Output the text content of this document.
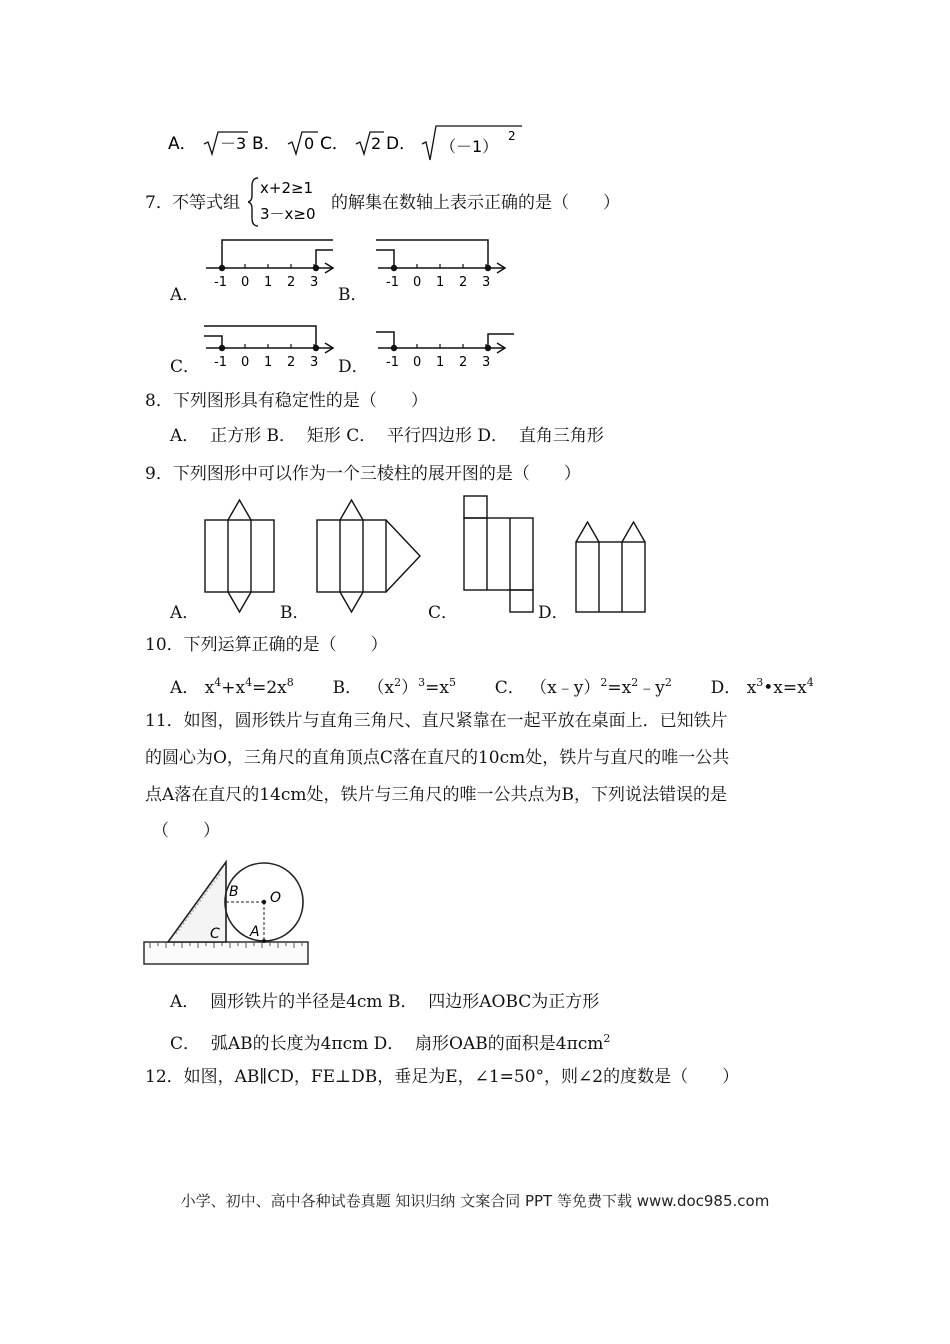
A． －3 B． 0 C． 2 D． （－1）
2
7． 不等式组
x+2≥1
3－x≥0
的解集在数轴上表示正确的是（　　）
A．
-1 0 1 2 3
B．
-1 0 1 2 3
C． -1 0 1 2 3 D． -1 0 1 2 3
8．下列图形具有稳定性的是（　　）
A．  正方形 B．  矩形 C．  平行四边形 D．  直角三角形
9．下列图形中可以作为一个三棱柱的展开图的是（　　）
A．	B．	C．	D．
10．下列运算正确的是（　　）
A． $x^4+x^4=2x^8$ B． $(x^2)^3=x^5$ C． $(x﹣y)^2=x^2﹣y^2$ D． $x^3•x=x^4$
11．如图，圆形铁片与直角三角尺、直尺紧靠在一起平放在桌面上．已知铁片
的圆心为O，三角尺的直角顶点C落在直尺的10cm处，铁片与直尺的唯一公共
点A落在直尺的14cm处，铁片与三角尺的唯一公共点为B，下列说法错误的是
（　　）
B O
C A
A．  圆形铁片的半径是4cm B．  四边形AOBC为正方形
C．  弧AB的长度为4πcm D．  扇形OAB的面积是4πcm$^2$
12．如图，AB∥CD，FE⊥DB，垂足为E，∠1=50°，则∠2的度数是（　　）
小学、初中、高中各种试卷真题 知识归纳 文案合同 PPT 等免费下载 www.doc985.com
